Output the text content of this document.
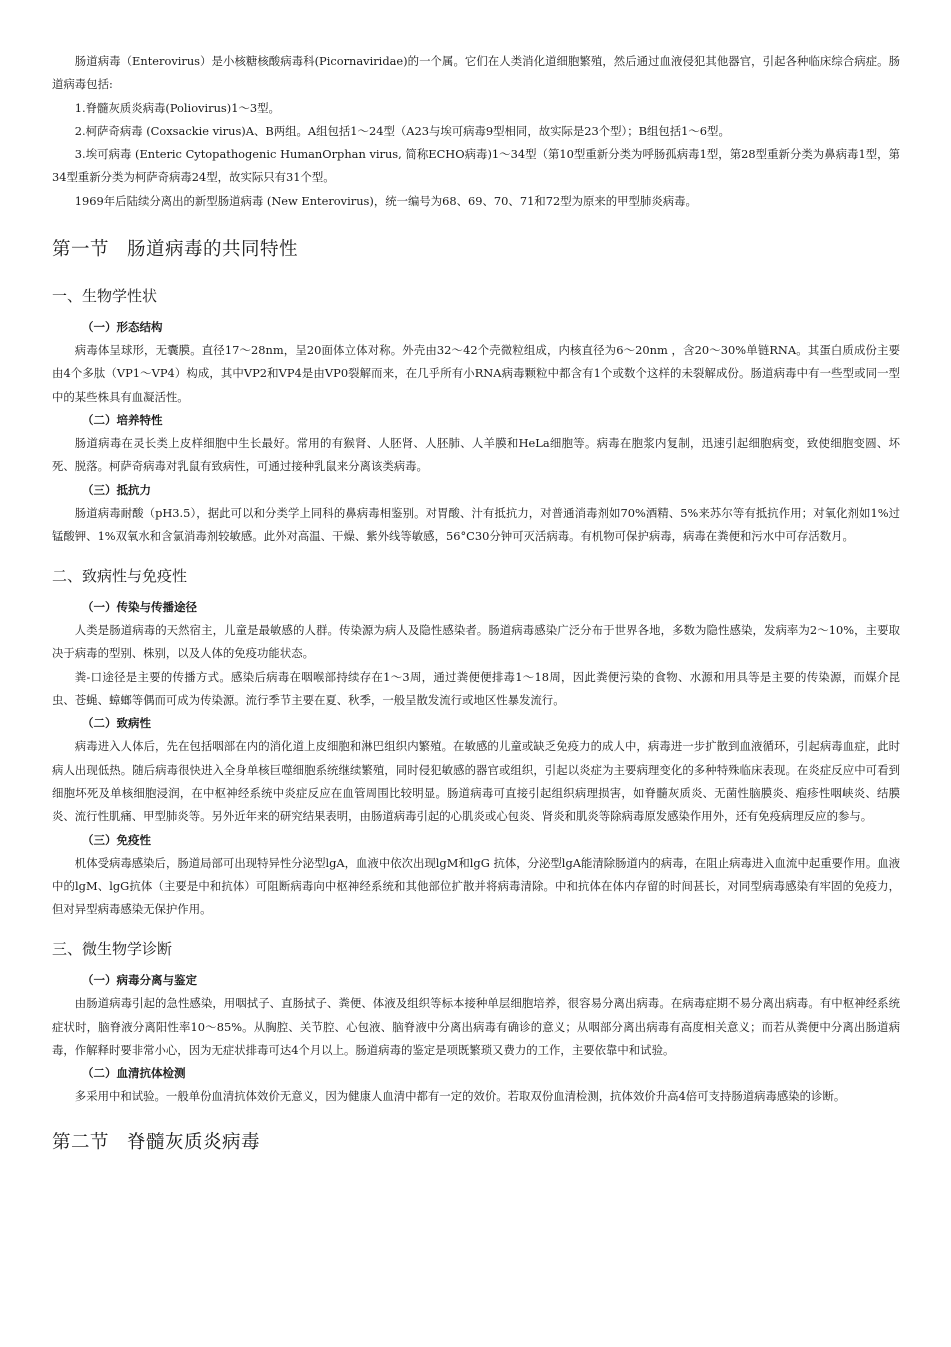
肠道病毒（Enterovirus）是小核糖核酸病毒科(Picornaviridae)的一个属。它们在人类消化道细胞繁殖，然后通过血液侵犯其他器官，引起各种临床综合病症。肠道病毒包括:

1.脊髓灰质炎病毒(Poliovirus)1～3型。

2.柯萨奇病毒 (Coxsackie virus)A、B两组。A组包括1～24型（A23与埃可病毒9型相同，故实际是23个型）；B组包括1～6型。

3.埃可病毒 (Enteric Cytopathogenic HumanOrphan virus, 简称ECHO病毒)1～34型（第10型重新分类为呼肠孤病毒1型，第28型重新分类为鼻病毒1型，第34型重新分类为柯萨奇病毒24型，故实际只有31个型。

1969年后陆续分离出的新型肠道病毒 (New Enterovirus)，统一编号为68、69、70、71和72型为原来的甲型肺炎病毒。

第一节 肠道病毒的共同特性
一、生物学性状
（一）形态结构

病毒体呈球形，无囊膜。直径17～28nm，呈20面体立体对称。外壳由32～42个壳微粒组成，内核直径为6～20nm ，含20～30%单链RNA。其蛋白质成份主要由4个多肽（VP1～VP4）构成，其中VP2和VP4是由VP0裂解而来，在几乎所有小RNA病毒颗粒中都含有1个或数个这样的未裂解成份。肠道病毒中有一些型或同一型中的某些株具有血凝活性。

（二）培养特性

肠道病毒在灵长类上皮样细胞中生长最好。常用的有猴肾、人胚肾、人胚肺、人羊膜和HeLa细胞等。病毒在胞浆内复制，迅速引起细胞病变，致使细胞变圆、坏死、脱落。柯萨奇病毒对乳鼠有致病性，可通过接种乳鼠来分离该类病毒。

（三）抵抗力

肠道病毒耐酸（pH3.5），据此可以和分类学上同科的鼻病毒相鉴别。对胃酸、汁有抵抗力，对普通消毒剂如70%酒精、5%来苏尔等有抵抗作用；对氧化剂如1%过锰酸钾、1%双氧水和含氯消毒剂较敏感。此外对高温、干燥、紫外线等敏感，56°C30分钟可灭活病毒。有机物可保护病毒，病毒在粪便和污水中可存活数月。

二、致病性与免疫性
（一）传染与传播途径

人类是肠道病毒的天然宿主，儿童是最敏感的人群。传染源为病人及隐性感染者。肠道病毒感染广泛分布于世界各地，多数为隐性感染，发病率为2～10%，主要取决于病毒的型别、株别，以及人体的免疫功能状态。

粪-口途径是主要的传播方式。感染后病毒在咽喉部持续存在1～3周，通过粪便便排毒1～18周，因此粪便污染的食物、水源和用具等是主要的传染源，而媒介昆虫、苍蝇、蟑螂等偶而可成为传染源。流行季节主要在夏、秋季，一般呈散发流行或地区性暴发流行。

（二）致病性

病毒进入人体后，先在包括咽部在内的消化道上皮细胞和淋巴组织内繁殖。在敏感的儿童或缺乏免疫力的成人中，病毒进一步扩散到血液循环，引起病毒血症，此时病人出现低热。随后病毒很快进入全身单核巨噬细胞系统继续繁殖，同时侵犯敏感的器官或组织，引起以炎症为主要病理变化的多种特殊临床表现。在炎症反应中可看到细胞坏死及单核细胞浸润，在中枢神经系统中炎症反应在血管周围比较明显。肠道病毒可直接引起组织病理损害，如脊髓灰质炎、无菌性脑膜炎、疱疹性咽峡炎、结膜炎、流行性肌痛、甲型肺炎等。另外近年来的研究结果表明，由肠道病毒引起的心肌炎或心包炎、肾炎和肌炎等除病毒原发感染作用外，还有免疫病理反应的参与。

（三）免疫性

机体受病毒感染后，肠道局部可出现特异性分泌型lgA，血液中依次出现lgM和lgG 抗体，分泌型lgA能清除肠道内的病毒，在阻止病毒进入血流中起重要作用。血液中的lgM、lgG抗体（主要是中和抗体）可阻断病毒向中枢神经系统和其他部位扩散并将病毒清除。中和抗体在体内存留的时间甚长，对同型病毒感染有牢固的免疫力，但对异型病毒感染无保护作用。

三、微生物学诊断
（一）病毒分离与鉴定

由肠道病毒引起的急性感染，用咽拭子、直肠拭子、粪便、体液及组织等标本接种单层细胞培养，很容易分离出病毒。在病毒症期不易分离出病毒。有中枢神经系统症状时，脑脊液分离阳性率10～85%。从胸腔、关节腔、心包液、脑脊液中分离出病毒有确诊的意义；从咽部分离出病毒有高度相关意义；而若从粪便中分离出肠道病毒，作解释时要非常小心，因为无症状排毒可达4个月以上。肠道病毒的鉴定是项既繁琐又费力的工作，主要依靠中和试验。

（二）血清抗体检测

多采用中和试验。一般单份血清抗体效价无意义，因为健康人血清中都有一定的效价。若取双份血清检测，抗体效价升高4倍可支持肠道病毒感染的诊断。

第二节 脊髓灰质炎病毒
